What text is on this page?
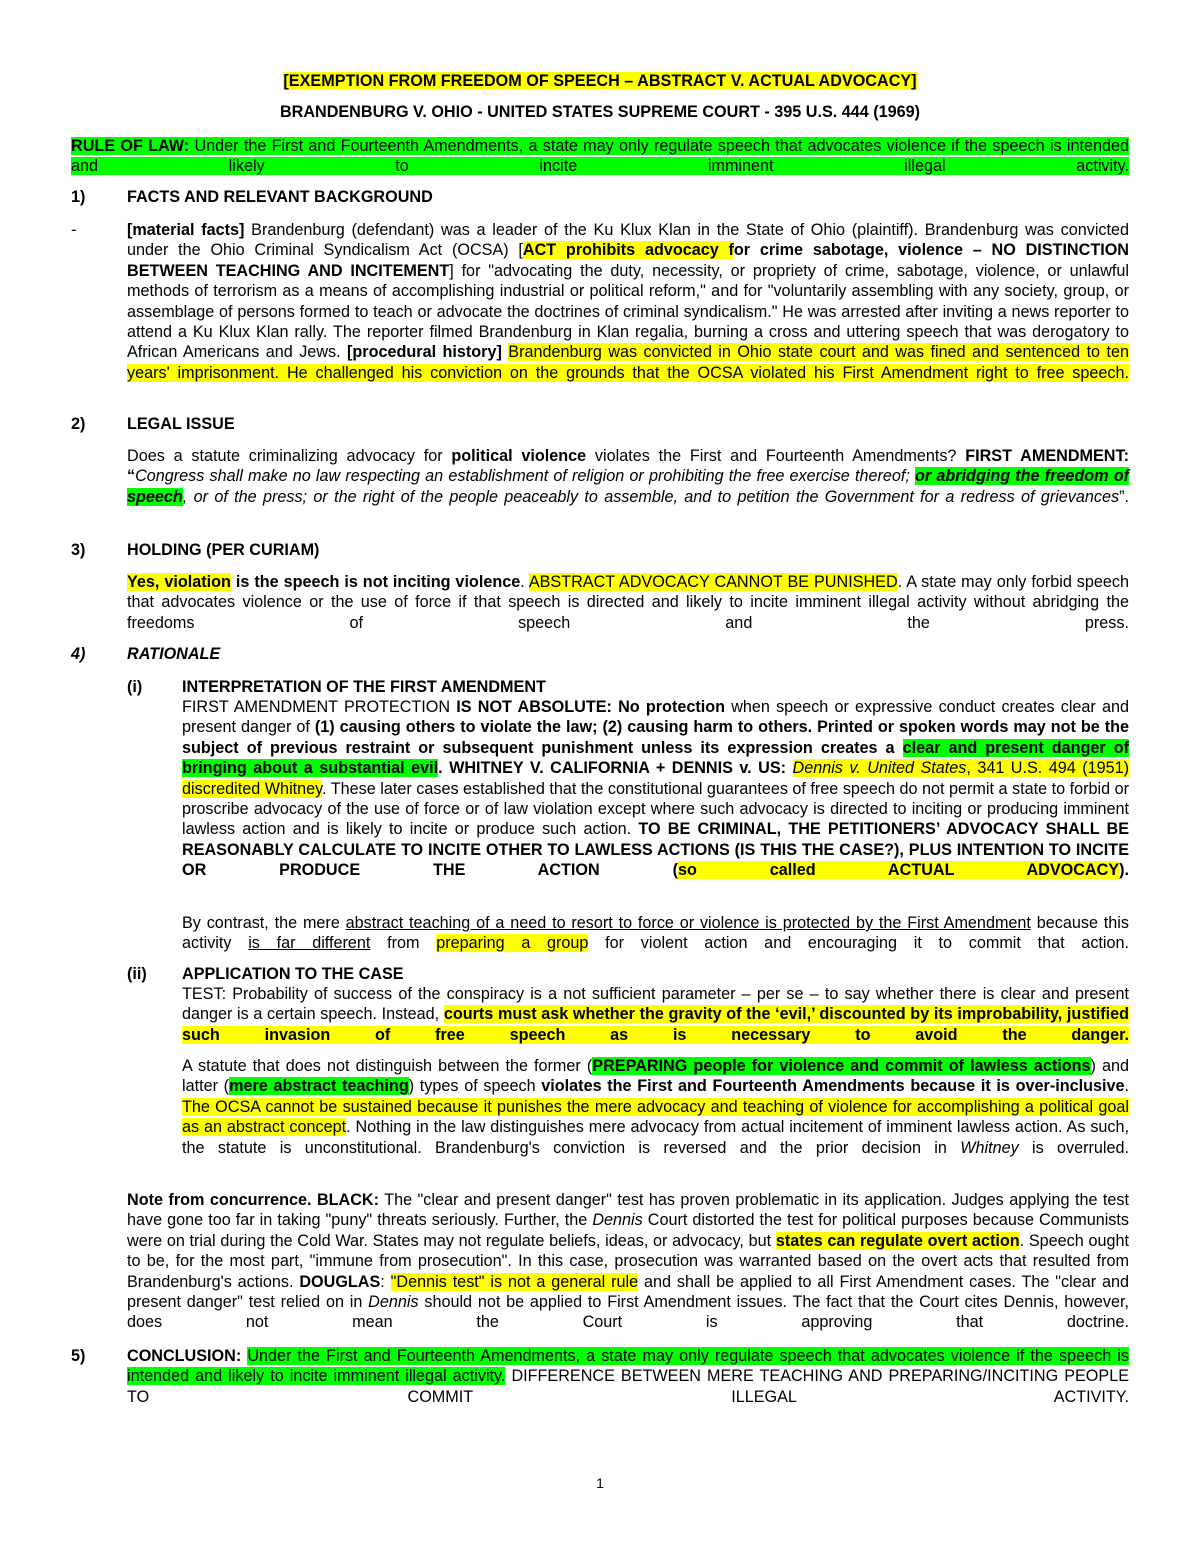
[EXEMPTION FROM FREEDOM OF SPEECH – ABSTRACT V. ACTUAL ADVOCACY]
BRANDENBURG V. OHIO - UNITED STATES SUPREME COURT - 395 U.S. 444 (1969)
RULE OF LAW: Under the First and Fourteenth Amendments, a state may only regulate speech that advocates violence if the speech is intended and likely to incite imminent illegal activity.
1)	FACTS AND RELEVANT BACKGROUND
-	[material facts] Brandenburg (defendant) was a leader of the Ku Klux Klan in the State of Ohio (plaintiff). Brandenburg was convicted under the Ohio Criminal Syndicalism Act (OCSA) [ACT prohibits advocacy for crime sabotage, violence – NO DISTINCTION BETWEEN TEACHING AND INCITEMENT] for "advocating the duty, necessity, or propriety of crime, sabotage, violence, or unlawful methods of terrorism as a means of accomplishing industrial or political reform," and for "voluntarily assembling with any society, group, or assemblage of persons formed to teach or advocate the doctrines of criminal syndicalism." He was arrested after inviting a news reporter to attend a Ku Klux Klan rally. The reporter filmed Brandenburg in Klan regalia, burning a cross and uttering speech that was derogatory to African Americans and Jews. [procedural history] Brandenburg was convicted in Ohio state court and was fined and sentenced to ten years' imprisonment. He challenged his conviction on the grounds that the OCSA violated his First Amendment right to free speech.
2)	LEGAL ISSUE
Does a statute criminalizing advocacy for political violence violates the First and Fourteenth Amendments? FIRST AMENDMENT: “Congress shall make no law respecting an establishment of religion or prohibiting the free exercise thereof; or abridging the freedom of speech, or of the press; or the right of the people peaceably to assemble, and to petition the Government for a redress of grievances”.
3)	HOLDING (PER CURIAM)
Yes, violation is the speech is not inciting violence. ABSTRACT ADVOCACY CANNOT BE PUNISHED. A state may only forbid speech that advocates violence or the use of force if that speech is directed and likely to incite imminent illegal activity without abridging the freedoms of speech and the press.
4)	RATIONALE
(i) INTERPRETATION OF THE FIRST AMENDMENT
FIRST AMENDMENT PROTECTION IS NOT ABSOLUTE: No protection when speech or expressive conduct creates clear and present danger of (1) causing others to violate the law; (2) causing harm to others. Printed or spoken words may not be the subject of previous restraint or subsequent punishment unless its expression creates a clear and present danger of bringing about a substantial evil. WHITNEY V. CALIFORNIA + DENNIS v. US: Dennis v. United States, 341 U.S. 494 (1951) discredited Whitney. These later cases established that the constitutional guarantees of free speech do not permit a state to forbid or proscribe advocacy of the use of force or of law violation except where such advocacy is directed to inciting or producing imminent lawless action and is likely to incite or produce such action. TO BE CRIMINAL, THE PETITIONERS’ ADVOCACY SHALL BE REASONABLY CALCULATE TO INCITE OTHER TO LAWLESS ACTIONS (IS THIS THE CASE?), PLUS INTENTION TO INCITE OR PRODUCE THE ACTION (so called ACTUAL ADVOCACY).
By contrast, the mere abstract teaching of a need to resort to force or violence is protected by the First Amendment because this activity is far different from preparing a group for violent action and encouraging it to commit that action.
(ii) APPLICATION TO THE CASE
TEST: Probability of success of the conspiracy is a not sufficient parameter – per se – to say whether there is clear and present danger is a certain speech. Instead, courts must ask whether the gravity of the ‘evil,’ discounted by its improbability, justified such invasion of free speech as is necessary to avoid the danger.
A statute that does not distinguish between the former (PREPARING people for violence and commit of lawless actions) and latter (mere abstract teaching) types of speech violates the First and Fourteenth Amendments because it is over-inclusive. The OCSA cannot be sustained because it punishes the mere advocacy and teaching of violence for accomplishing a political goal as an abstract concept. Nothing in the law distinguishes mere advocacy from actual incitement of imminent lawless action. As such, the statute is unconstitutional. Brandenburg's conviction is reversed and the prior decision in Whitney is overruled.
Note from concurrence. BLACK: The "clear and present danger" test has proven problematic in its application. Judges applying the test have gone too far in taking "puny" threats seriously. Further, the Dennis Court distorted the test for political purposes because Communists were on trial during the Cold War. States may not regulate beliefs, ideas, or advocacy, but states can regulate overt action. Speech ought to be, for the most part, "immune from prosecution". In this case, prosecution was warranted based on the overt acts that resulted from Brandenburg's actions. DOUGLAS: "Dennis test" is not a general rule and shall be applied to all First Amendment cases. The "clear and present danger" test relied on in Dennis should not be applied to First Amendment issues. The fact that the Court cites Dennis, however, does not mean the Court is approving that doctrine.
5)	CONCLUSION: Under the First and Fourteenth Amendments, a state may only regulate speech that advocates violence if the speech is intended and likely to incite imminent illegal activity. DIFFERENCE BETWEEN MERE TEACHING AND PREPARING/INCITING PEOPLE TO COMMIT ILLEGAL ACTIVITY.
1
